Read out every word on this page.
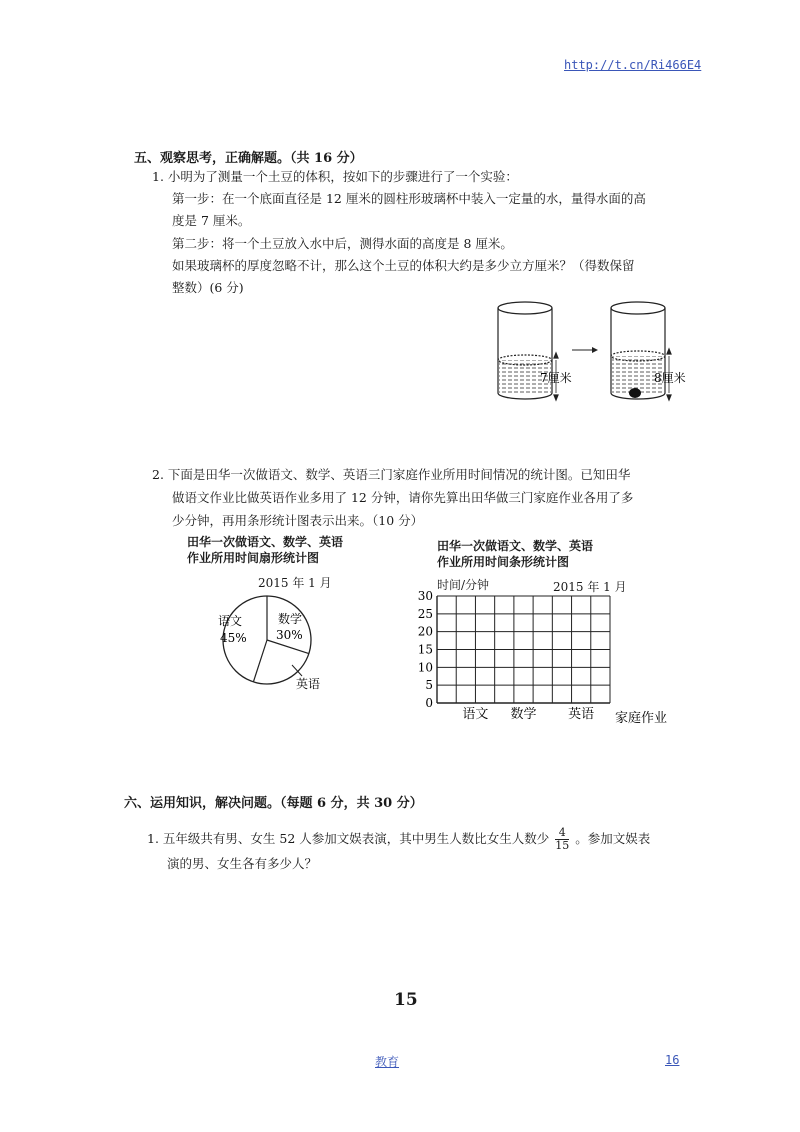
http://t.cn/Ri466E4
五、观察思考，正确解题。（共 16 分）
1. 小明为了测量一个土豆的体积，按如下的步骤进行了一个实验：
第一步：在一个底面直径是 12 厘米的圆柱形玻璃杯中装入一定量的水，量得水面的高
度是 7 厘米。
第二步：将一个土豆放入水中后，测得水面的高度是 8 厘米。
如果玻璃杯的厚度忽略不计，那么这个土豆的体积大约是多少立方厘米？（得数保留
整数）(6 分)
7厘米	8厘米
2. 下面是田华一次做语文、数学、英语三门家庭作业所用时间情况的统计图。已知田华
做语文作业比做英语作业多用了 12 分钟，请你先算出田华做三门家庭作业各用了多
少分钟，再用条形统计图表示出来。（10 分）
田华一次做语文、数学、英语
作业所用时间扇形统计图
2015 年 1 月
语文
45%
数学
30%
英语
田华一次做语文、数学、英语
作业所用时间条形统计图
时间/分钟	2015 年 1 月
0
5
10
15
20
25
30
语文 数学 英语 家庭作业
六、运用知识，解决问题。（每题 6 分，共 30 分）
1. 五年级共有男、女生 52 人参加文娱表演，其中男生人数比女生人数少 $\frac{4}{15}$ 。参加文娱表
演的男、女生各有多少人？
15
教育	16
